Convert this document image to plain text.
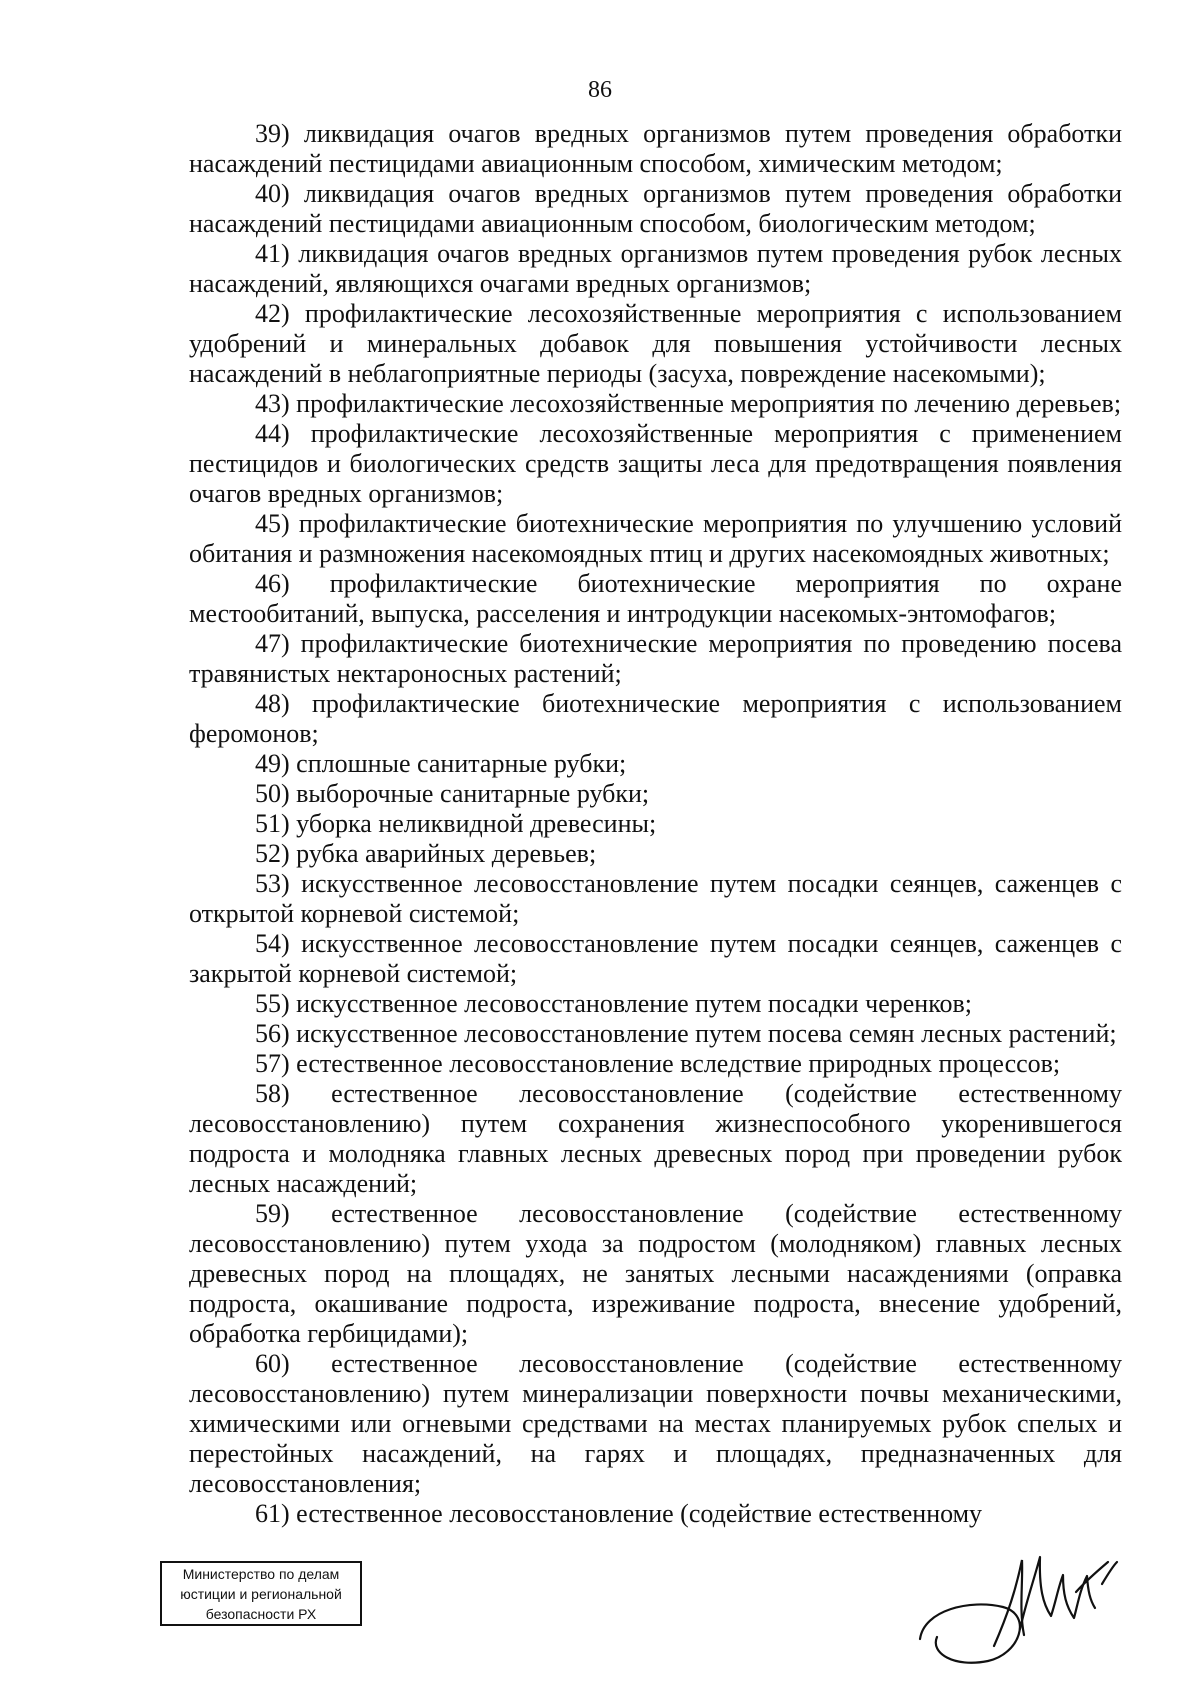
86

39) ликвидация очагов вредных организмов путем проведения обработки насаждений пестицидами авиационным способом, химическим методом;

40) ликвидация очагов вредных организмов путем проведения обработки насаждений пестицидами авиационным способом, биологическим методом;

41) ликвидация очагов вредных организмов путем проведения рубок лесных насаждений, являющихся очагами вредных организмов;

42) профилактические лесохозяйственные мероприятия с использованием удобрений и минеральных добавок для повышения устойчивости лесных насаждений в неблагоприятные периоды (засуха, повреждение насекомыми);

43) профилактические лесохозяйственные мероприятия по лечению деревьев;

44) профилактические лесохозяйственные мероприятия с применением пестицидов и биологических средств защиты леса для предотвращения появления очагов вредных организмов;

45) профилактические биотехнические мероприятия по улучшению условий обитания и размножения насекомоядных птиц и других насекомоядных животных;

46) профилактические биотехнические мероприятия по охране местообитаний, выпуска, расселения и интродукции насекомых-энтомофагов;

47) профилактические биотехнические мероприятия по проведению посева травянистых нектароносных растений;

48) профилактические биотехнические мероприятия с использованием феромонов;

49) сплошные санитарные рубки;

50) выборочные санитарные рубки;

51) уборка неликвидной древесины;

52) рубка аварийных деревьев;

53) искусственное лесовосстановление путем посадки сеянцев, саженцев с открытой корневой системой;

54) искусственное лесовосстановление путем посадки сеянцев, саженцев с закрытой корневой системой;

55) искусственное лесовосстановление путем посадки черенков;

56) искусственное лесовосстановление путем посева семян лесных растений;

57) естественное лесовосстановление вследствие природных процессов;

58) естественное лесовосстановление (содействие естественному лесовосстановлению) путем сохранения жизнеспособного укоренившегося подроста и молодняка главных лесных древесных пород при проведении рубок лесных насаждений;

59) естественное лесовосстановление (содействие естественному лесовосстановлению) путем ухода за подростом (молодняком) главных лесных древесных пород на площадях, не занятых лесными насаждениями (оправка подроста, окашивание подроста, изреживание подроста, внесение удобрений, обработка гербицидами);

60) естественное лесовосстановление (содействие естественному лесовосстановлению) путем минерализации поверхности почвы механическими, химическими или огневыми средствами на местах планируемых рубок спелых и перестойных насаждений, на гарях и площадях, предназначенных для лесовосстановления;

61) естественное лесовосстановление (содействие естественному

Министерство по делам
юстиции и региональной
безопасности РХ
